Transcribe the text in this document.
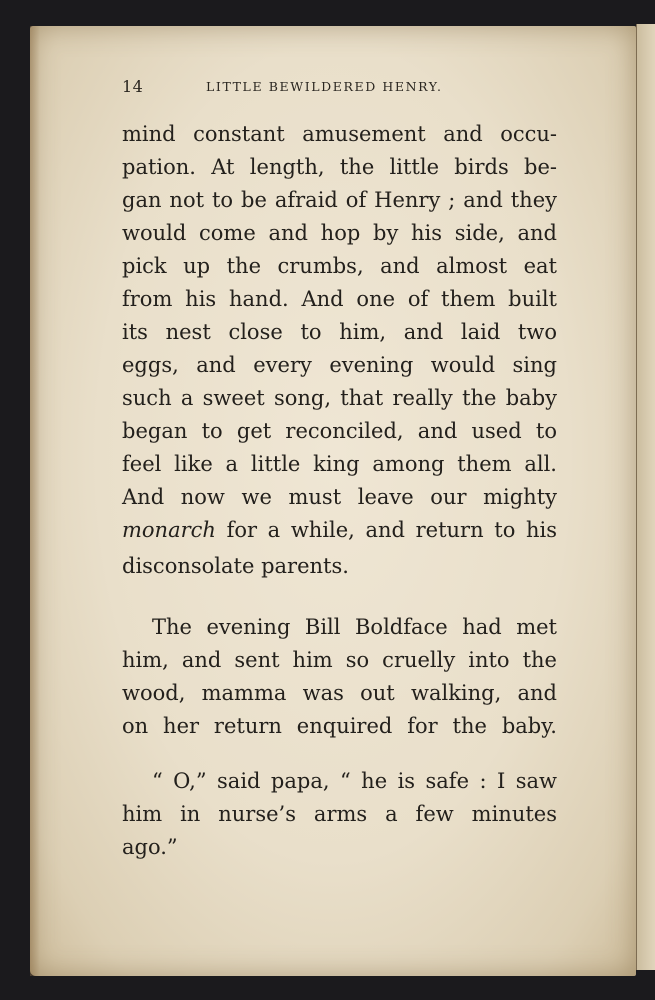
14	LITTLE BEWILDERED HENRY.
mind constant amusement and occu-
pation. At length, the little birds be-
gan not to be afraid of Henry ; and they
would come and hop by his side, and
pick up the crumbs, and almost eat
from his hand. And one of them built
its nest close to him, and laid two
eggs, and every evening would sing
such a sweet song, that really the baby
began to get reconciled, and used to
feel like a little king among them all.
And now we must leave our mighty
monarch for a while, and return to his
disconsolate parents.
The evening Bill Boldface had met
him, and sent him so cruelly into the
wood, mamma was out walking, and
on her return enquired for the baby.
“ O,” said papa, “ he is safe : I saw
him in nurse’s arms a few minutes
ago.”
